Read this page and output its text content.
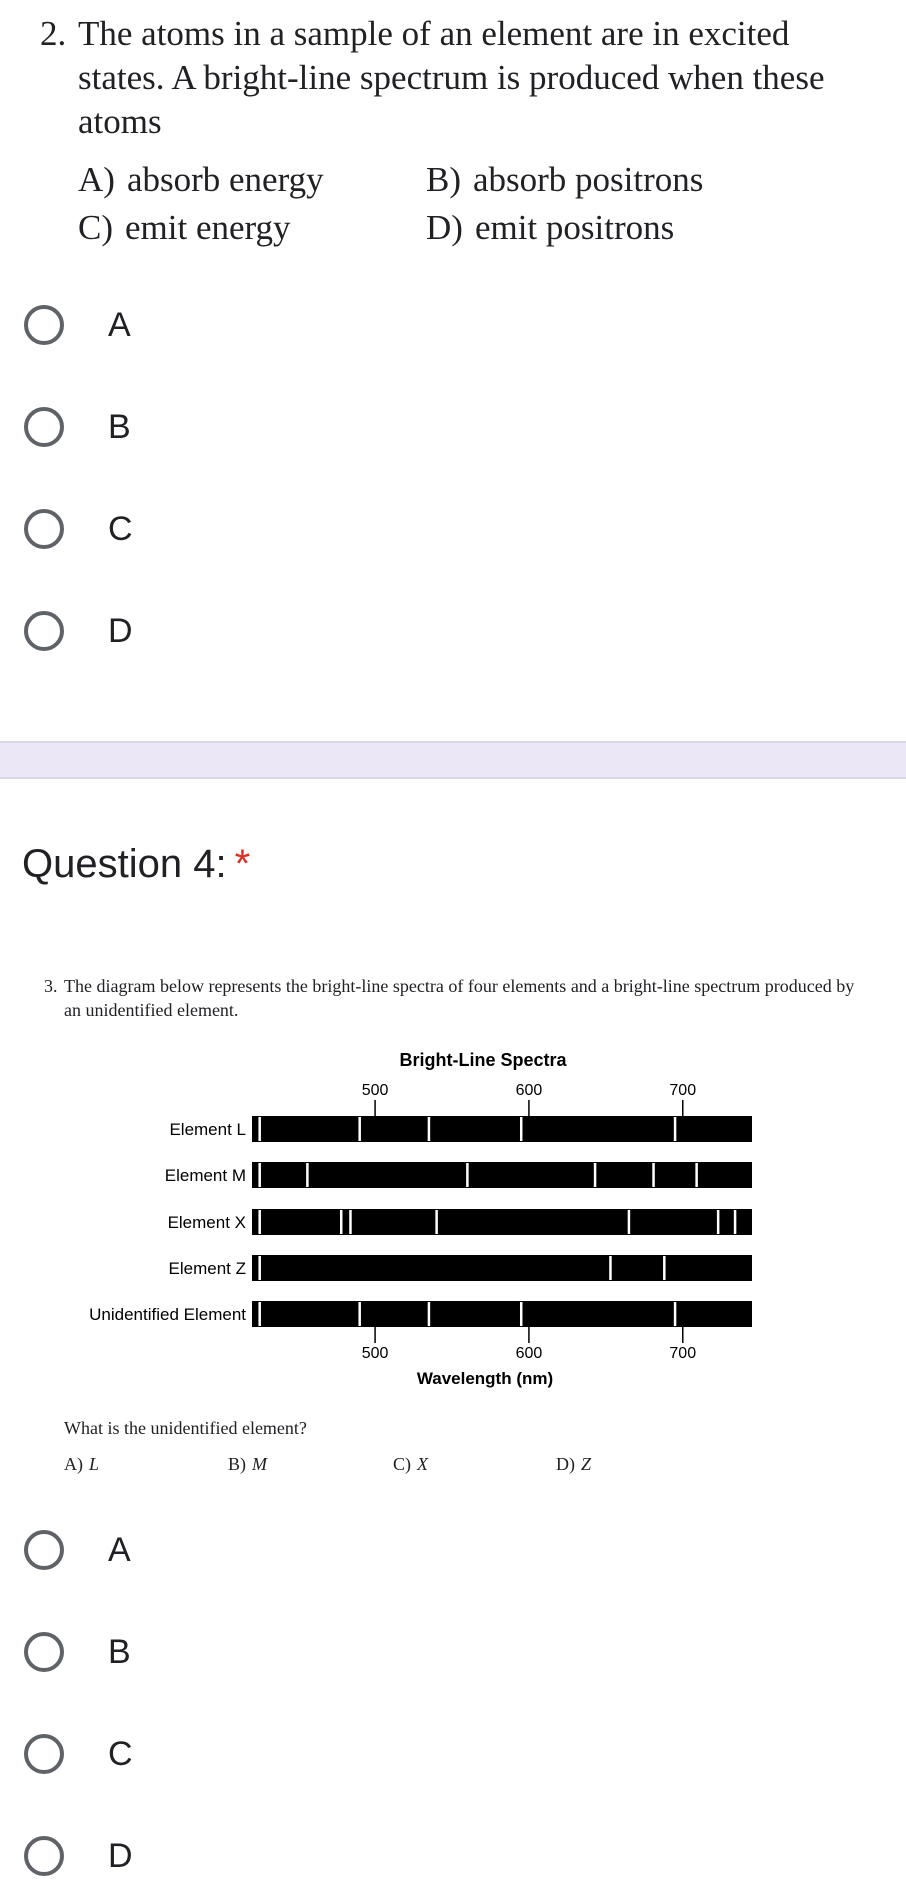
2. The atoms in a sample of an element are in excited states. A bright-line spectrum is produced when these atoms
A) absorb energy	B) absorb positrons
C) emit energy	D) emit positrons
A
B
C
D
Question 4: *
3. The diagram below represents the bright-line spectra of four elements and a bright-line spectrum produced by an unidentified element.
Bright-Line Spectra
500
500
600
600
700
700
Element L
Element M
Element X
Element Z
Unidentified Element
Wavelength (nm)
What is the unidentified element?
A) L	B) M	C) X	D) Z
A
B
C
D
